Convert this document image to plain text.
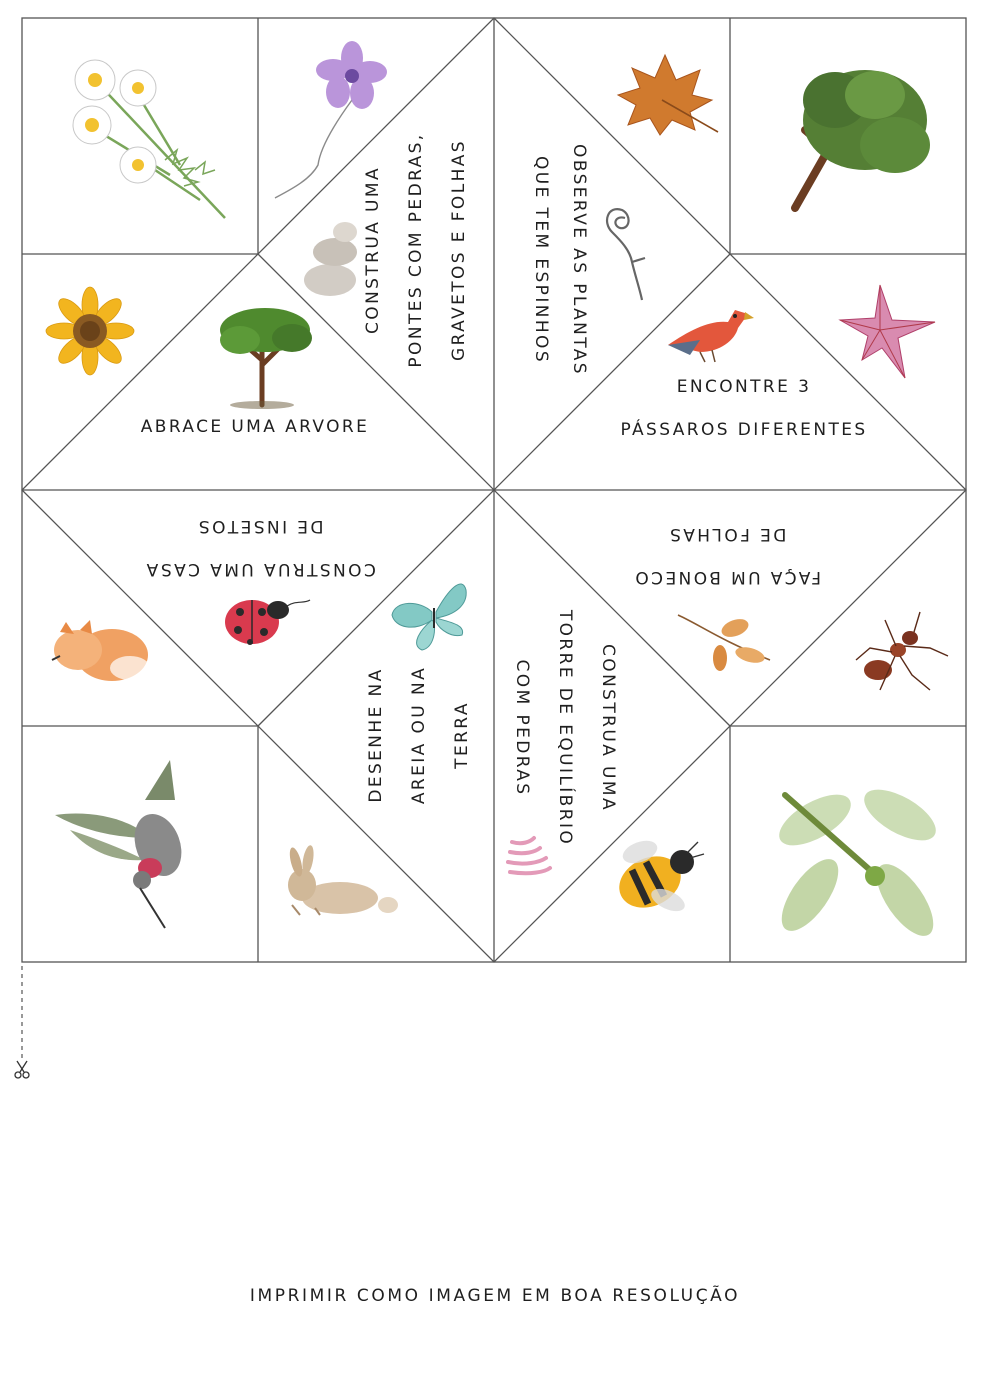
CONSTRUA UMA PONTES COM PEDRAS, GRAVETOS E FOLHAS	OBSERVE AS PLANTAS
QUE TEM ESPINHOS
ABRACE UMA ARVORE
ENCONTRE 3
PÁSSAROS DIFERENTES
CONSTRUA UMA CASA
DE INSETOS
FAÇA UM BONECO
DE FOLHAS
DESENHE NA AREIA OU NA TERRA	CONSTRUA UMA
TORRE DE EQUILÍBRIO
COM PEDRAS
IMPRIMIR COMO IMAGEM EM BOA RESOLUÇÃO
